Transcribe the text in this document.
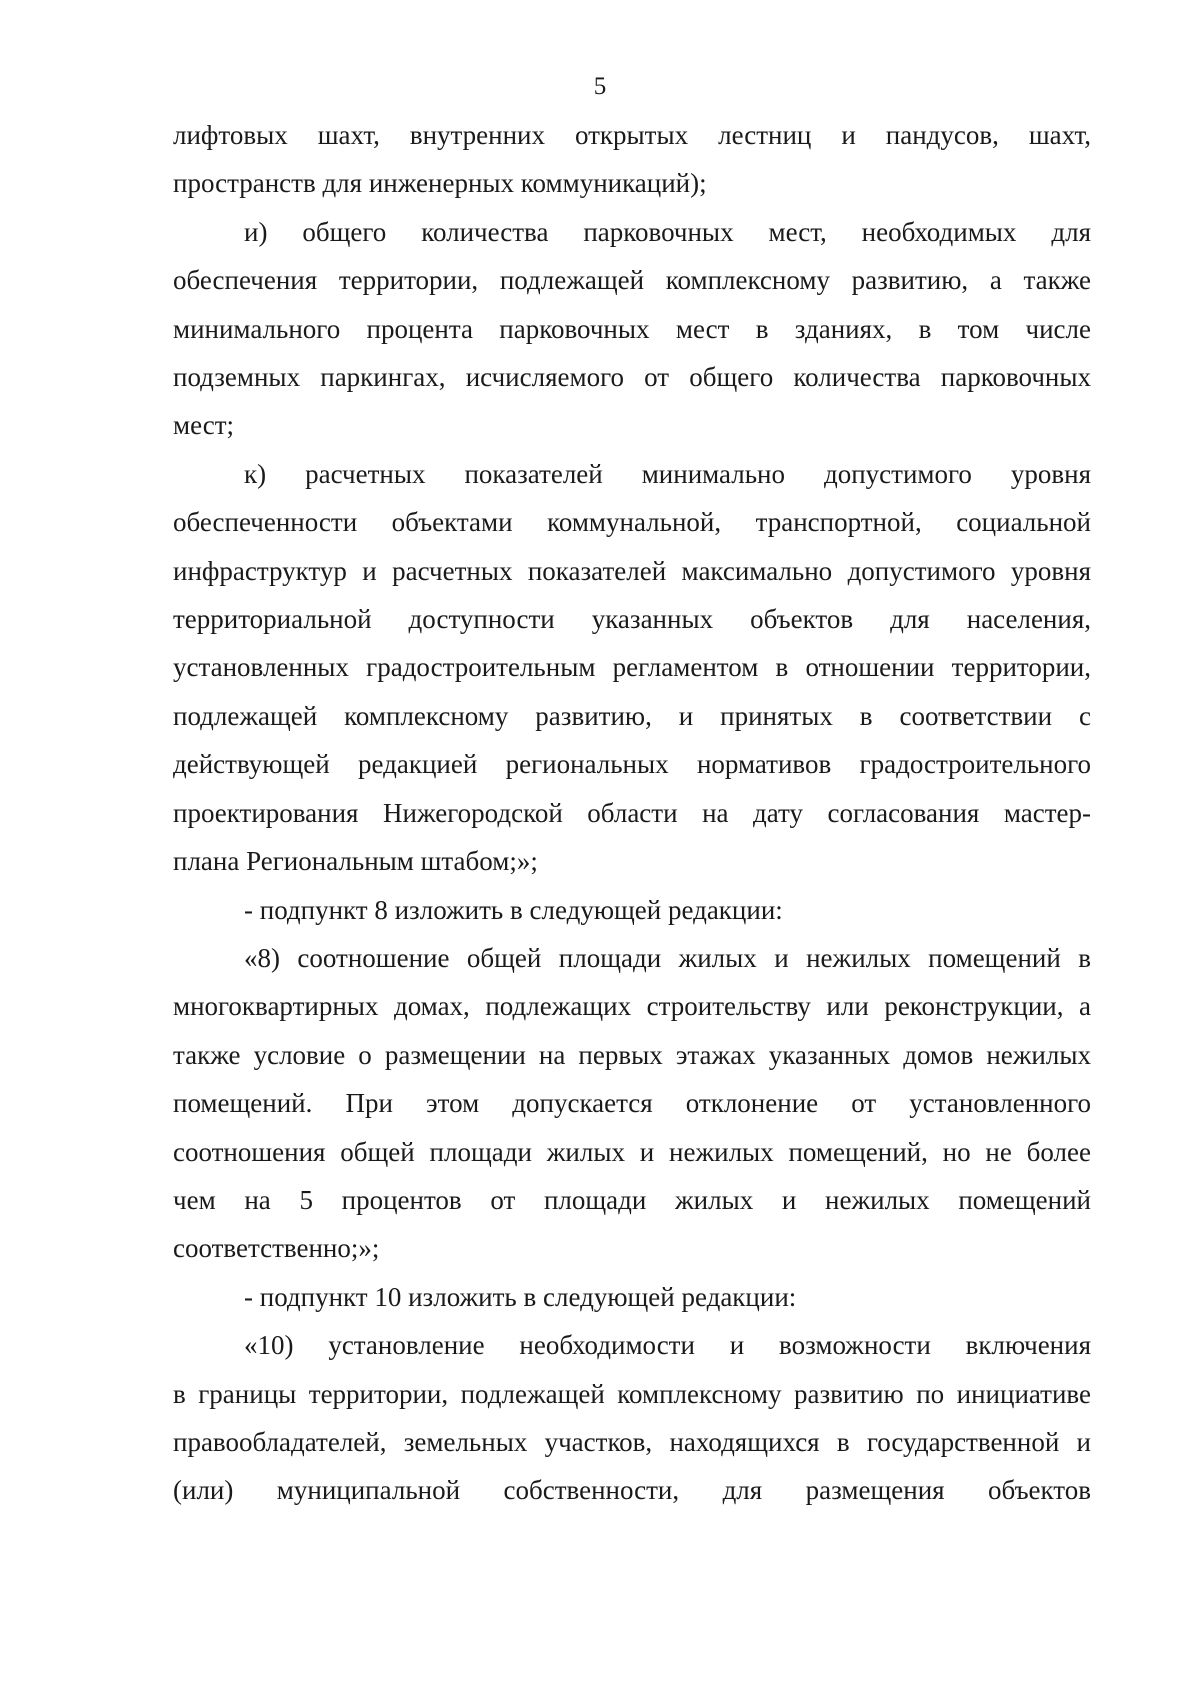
5
лифтовых шахт, внутренних открытых лестниц и пандусов, шахт,
пространств для инженерных коммуникаций);
и) общего количества парковочных мест, необходимых для
обеспечения территории, подлежащей комплексному развитию, а также
минимального процента парковочных мест в зданиях, в том числе
подземных паркингах, исчисляемого от общего количества парковочных
мест;
к) расчетных показателей минимально допустимого уровня
обеспеченности объектами коммунальной, транспортной, социальной
инфраструктур и расчетных показателей максимально допустимого уровня
территориальной доступности указанных объектов для населения,
установленных градостроительным регламентом в отношении территории,
подлежащей комплексному развитию, и принятых в соответствии с
действующей редакцией региональных нормативов градостроительного
проектирования Нижегородской области на дату согласования мастер-
плана Региональным штабом;»;
- подпункт 8 изложить в следующей редакции:
«8) соотношение общей площади жилых и нежилых помещений в
многоквартирных домах, подлежащих строительству или реконструкции, а
также условие о размещении на первых этажах указанных домов нежилых
помещений. При этом допускается отклонение от установленного
соотношения общей площади жилых и нежилых помещений, но не более
чем на 5 процентов от площади жилых и нежилых помещений
соответственно;»;
- подпункт 10 изложить в следующей редакции:
«10) установление необходимости и возможности включения
в границы территории, подлежащей комплексному развитию по инициативе
правообладателей, земельных участков, находящихся в государственной и
(или) муниципальной собственности, для размещения объектов
